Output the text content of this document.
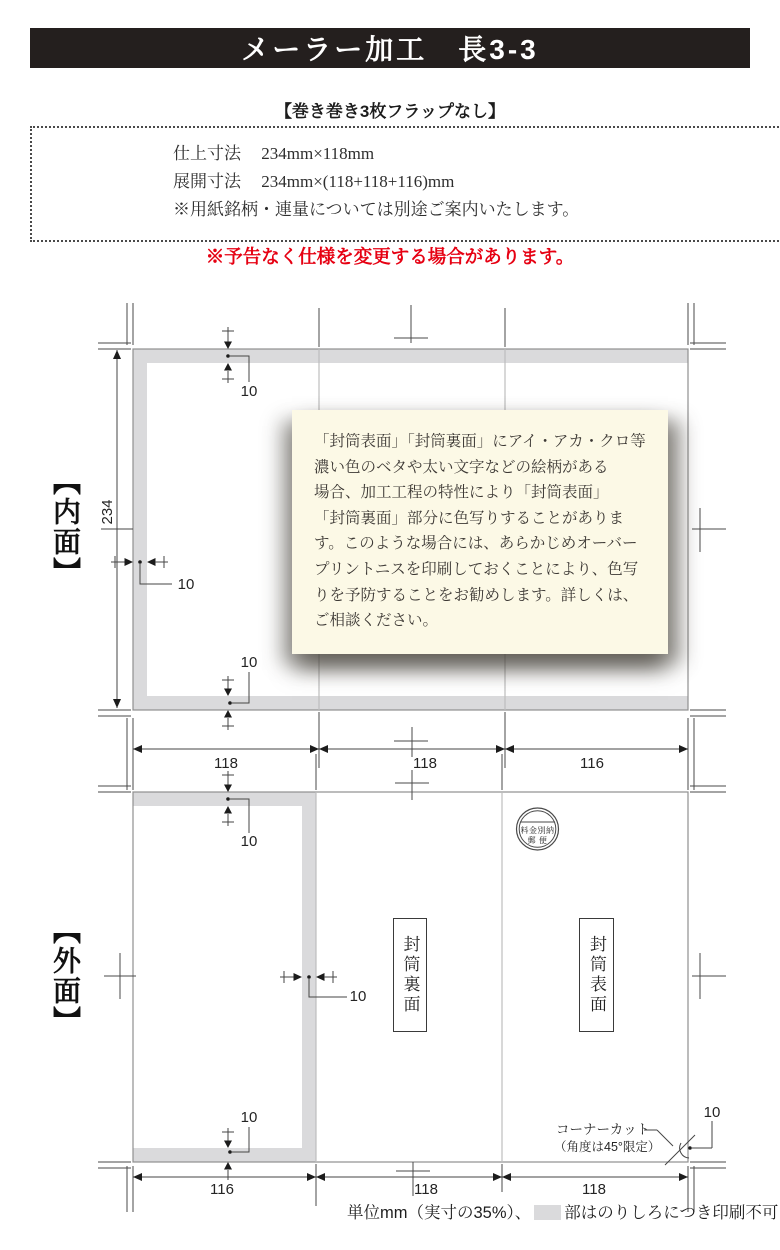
メーラー加工　長3-3
【巻き巻き3枚フラップなし】
仕上寸法 234mm×118mm
展開寸法 234mm×(118+118+116)mm
※用紙銘柄・連量については別途ご案内いたします。
※予告なく仕様を変更する場合があります。
234
10
10
10
118	118	116
10
10
10
116	118	118
料金別納
郵 便
コーナーカット
（角度は45°限定）
10
【内面】
【外面】	封筒裏面	封筒表面
「封筒表面」「封筒裏面」にアイ・アカ・クロ等
濃い色のベタや太い文字などの絵柄がある
場合、加工工程の特性により「封筒表面」
「封筒裏面」部分に色写りすることがありま
す。このような場合には、あらかじめオーバー
プリントニスを印刷しておくことにより、色写
りを予防することをお勧めします。詳しくは、
ご相談ください。
単位mm（実寸の35%）、 部はのりしろにつき印刷不可
